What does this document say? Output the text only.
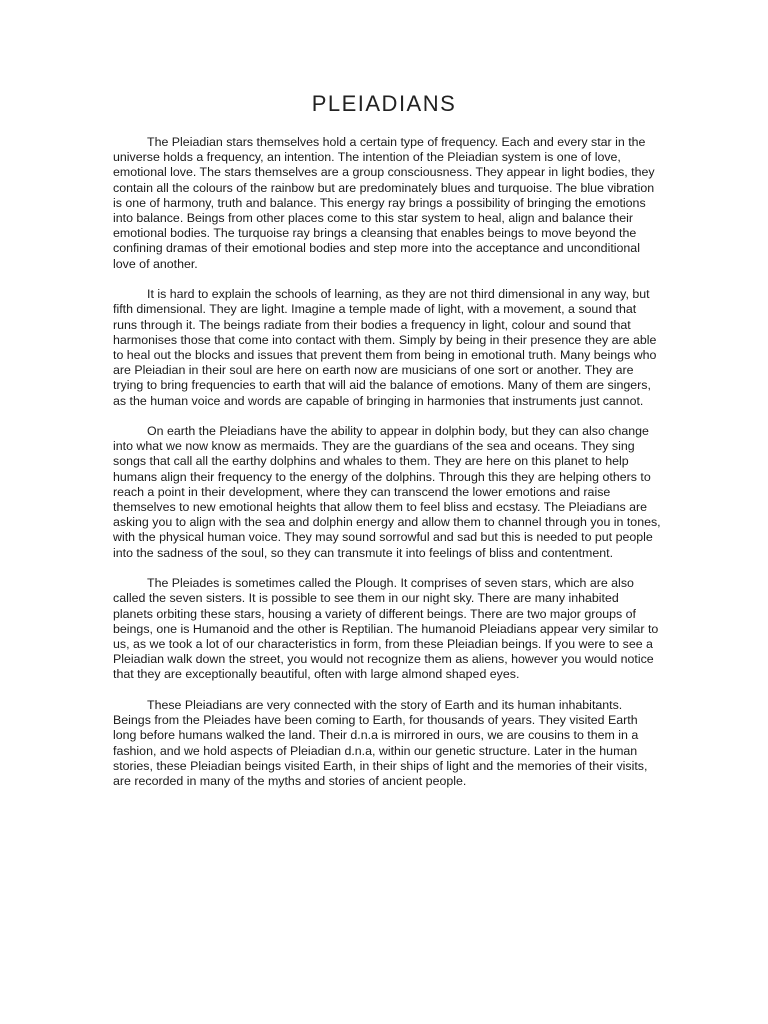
PLEIADIANS

The Pleiadian stars themselves hold a certain type of frequency. Each and every star in the universe holds a frequency, an intention. The intention of the Pleiadian system is one of love, emotional love. The stars themselves are a group consciousness. They appear in light bodies, they contain all the colours of the rainbow but are predominately blues and turquoise. The blue vibration is one of harmony, truth and balance. This energy ray brings a possibility of bringing the emotions into balance. Beings from other places come to this star system to heal, align and balance their emotional bodies. The turquoise ray brings a cleansing that enables beings to move beyond the confining dramas of their emotional bodies and step more into the acceptance and unconditional love of another.

It is hard to explain the schools of learning, as they are not third dimensional in any way, but fifth dimensional. They are light. Imagine a temple made of light, with a movement, a sound that runs through it. The beings radiate from their bodies a frequency in light, colour and sound that harmonises those that come into contact with them. Simply by being in their presence they are able to heal out the blocks and issues that prevent them from being in emotional truth. Many beings who are Pleiadian in their soul are here on earth now are musicians of one sort or another. They are trying to bring frequencies to earth that will aid the balance of emotions. Many of them are singers, as the human voice and words are capable of bringing in harmonies that instruments just cannot.

On earth the Pleiadians have the ability to appear in dolphin body, but they can also change into what we now know as mermaids. They are the guardians of the sea and oceans. They sing songs that call all the earthy dolphins and whales to them. They are here on this planet to help humans align their frequency to the energy of the dolphins. Through this they are helping others to reach a point in their development, where they can transcend the lower emotions and raise themselves to new emotional heights that allow them to feel bliss and ecstasy. The Pleiadians are asking you to align with the sea and dolphin energy and allow them to channel through you in tones, with the physical human voice. They may sound sorrowful and sad but this is needed to put people into the sadness of the soul, so they can transmute it into feelings of bliss and contentment.

The Pleiades is sometimes called the Plough. It comprises of seven stars, which are also called the seven sisters. It is possible to see them in our night sky. There are many inhabited planets orbiting these stars, housing a variety of different beings. There are two major groups of beings, one is Humanoid and the other is Reptilian. The humanoid Pleiadians appear very similar to us, as we took a lot of our characteristics in form, from these Pleiadian beings. If you were to see a Pleiadian walk down the street, you would not recognize them as aliens, however you would notice that they are exceptionally beautiful, often with large almond shaped eyes.

These Pleiadians are very connected with the story of Earth and its human inhabitants. Beings from the Pleiades have been coming to Earth, for thousands of years. They visited Earth long before humans walked the land. Their d.n.a is mirrored in ours, we are cousins to them in a fashion, and we hold aspects of Pleiadian d.n.a, within our genetic structure. Later in the human stories, these Pleiadian beings visited Earth, in their ships of light and the memories of their visits, are recorded in many of the myths and stories of ancient people.
